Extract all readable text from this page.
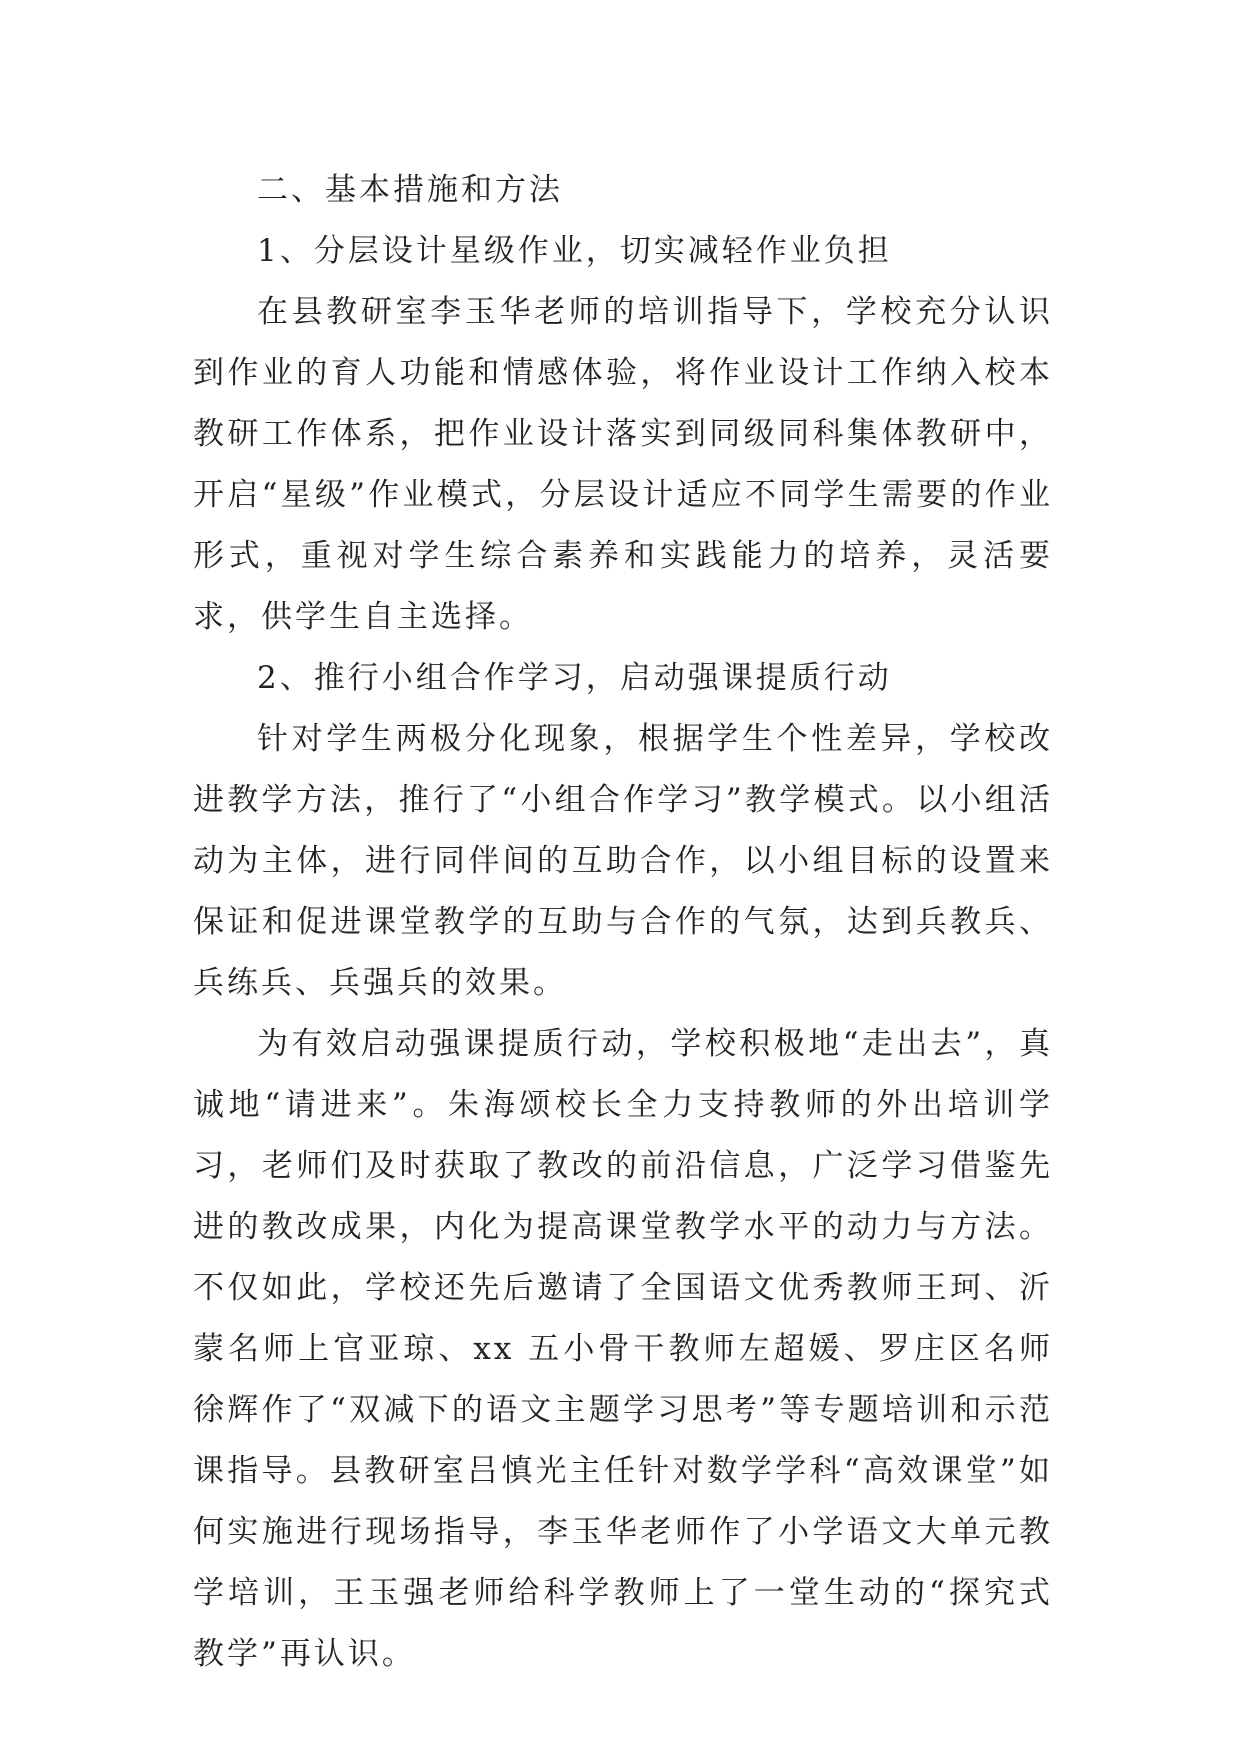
二、基本措施和方法

1、分层设计星级作业，切实减轻作业负担

在县教研室李玉华老师的培训指导下，学校充分认识到作业的育人功能和情感体验，将作业设计工作纳入校本教研工作体系，把作业设计落实到同级同科集体教研中，开启“星级”作业模式，分层设计适应不同学生需要的作业形式，重视对学生综合素养和实践能力的培养，灵活要求，供学生自主选择。

2、推行小组合作学习，启动强课提质行动

针对学生两极分化现象，根据学生个性差异，学校改进教学方法，推行了“小组合作学习”教学模式。以小组活动为主体，进行同伴间的互助合作，以小组目标的设置来保证和促进课堂教学的互助与合作的气氛，达到兵教兵、兵练兵、兵强兵的效果。

为有效启动强课提质行动，学校积极地“走出去”，真诚地“请进来”。朱海颂校长全力支持教师的外出培训学习，老师们及时获取了教改的前沿信息，广泛学习借鉴先进的教改成果，内化为提高课堂教学水平的动力与方法。不仅如此，学校还先后邀请了全国语文优秀教师王珂、沂蒙名师上官亚琼、xx 五小骨干教师左超媛、罗庄区名师徐辉作了“双减下的语文主题学习思考”等专题培训和示范课指导。县教研室吕慎光主任针对数学学科“高效课堂”如何实施进行现场指导，李玉华老师作了小学语文大单元教学培训，王玉强老师给科学教师上了一堂生动的“探究式教学”再认识。
